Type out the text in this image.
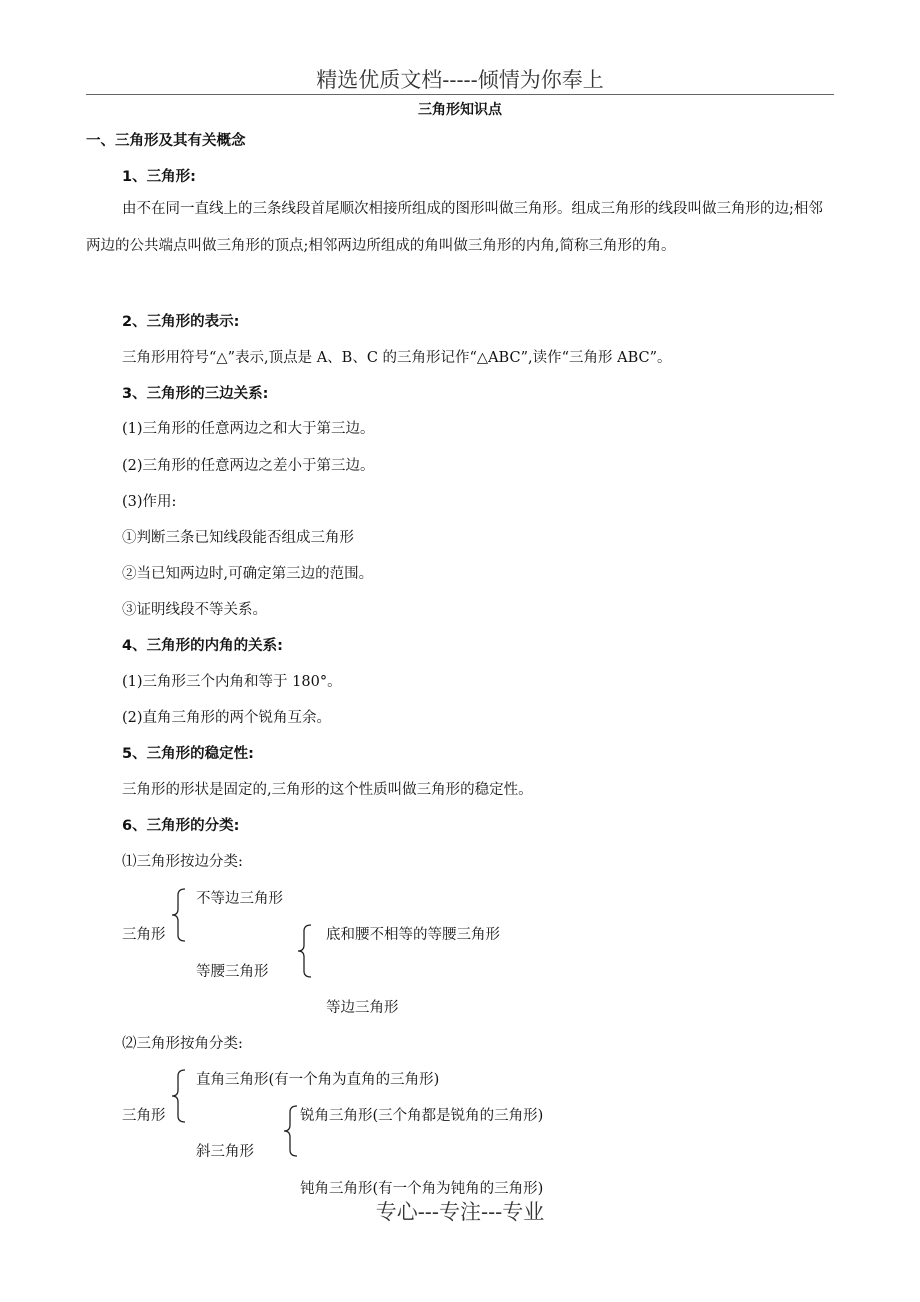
精选优质文档-----倾情为你奉上
三角形知识点
一、三角形及其有关概念
1、三角形:
由不在同一直线上的三条线段首尾顺次相接所组成的图形叫做三角形。组成三角形的线段叫做三角形的边;相邻两边的公共端点叫做三角形的顶点;相邻两边所组成的角叫做三角形的内角,简称三角形的角。
2、三角形的表示:
三角形用符号“△”表示,顶点是 A、B、C 的三角形记作“△ABC”,读作“三角形 ABC”。
3、三角形的三边关系:
(1)三角形的任意两边之和大于第三边。
(2)三角形的任意两边之差小于第三边。
(3)作用:
①判断三条已知线段能否组成三角形
②当已知两边时,可确定第三边的范围。
③证明线段不等关系。
4、三角形的内角的关系:
(1)三角形三个内角和等于 180°。
(2)直角三角形的两个锐角互余。
5、三角形的稳定性:
三角形的形状是固定的,三角形的这个性质叫做三角形的稳定性。
6、三角形的分类:
⑴三角形按边分类:
三角形
不等边三角形
等腰三角形
底和腰不相等的等腰三角形
等边三角形
⑵三角形按角分类:
三角形
直角三角形(有一个角为直角的三角形)
斜三角形
锐角三角形(三个角都是锐角的三角形)
钝角三角形(有一个角为钝角的三角形)
专心---专注---专业
